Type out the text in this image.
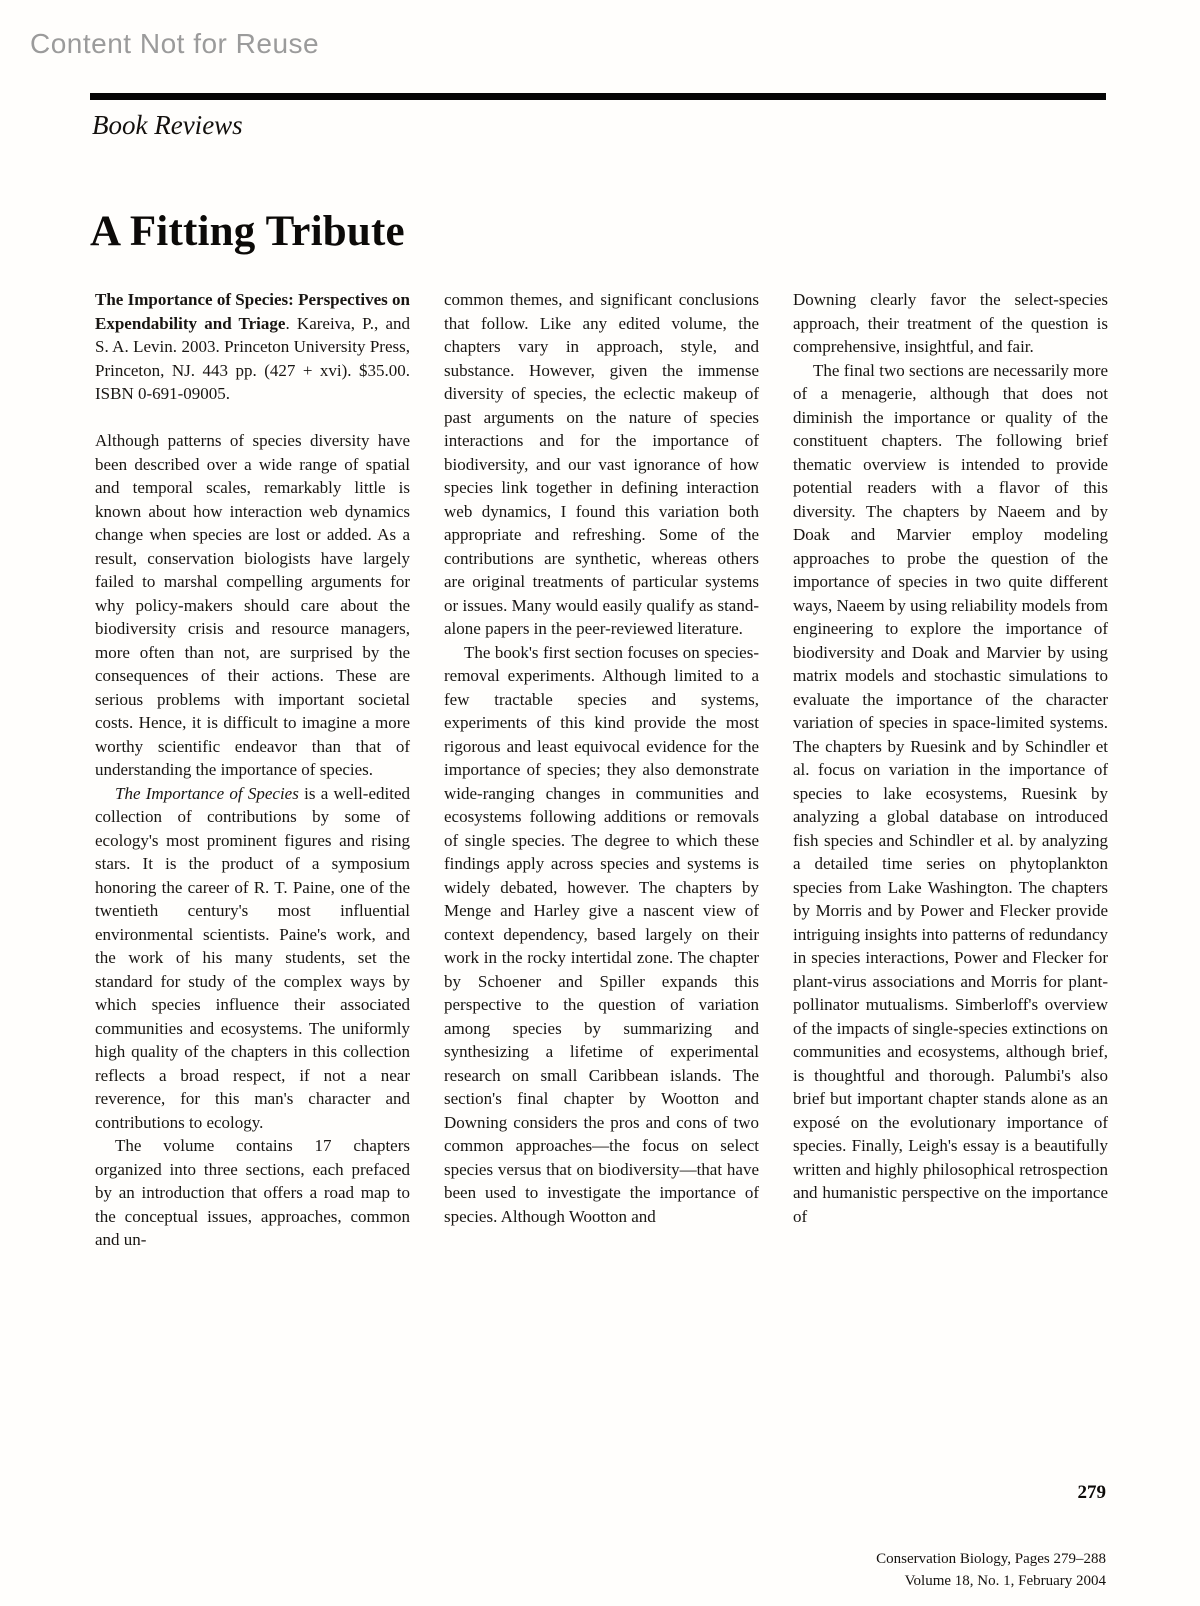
Content Not for Reuse
Book Reviews
A Fitting Tribute

The Importance of Species: Perspectives on Expendability and Triage. Kareiva, P., and S. A. Levin. 2003. Princeton University Press, Princeton, NJ. 443 pp. (427 + xvi). $35.00. ISBN 0-691-09005.

Although patterns of species diversity have been described over a wide range of spatial and temporal scales, remarkably little is known about how interaction web dynamics change when species are lost or added. As a result, conservation biologists have largely failed to marshal compelling arguments for why policy-makers should care about the biodiversity crisis and resource managers, more often than not, are surprised by the consequences of their actions. These are serious problems with important societal costs. Hence, it is difficult to imagine a more worthy scientific endeavor than that of understanding the importance of species.

The Importance of Species is a well-edited collection of contributions by some of ecology's most prominent figures and rising stars. It is the product of a symposium honoring the career of R. T. Paine, one of the twentieth century's most influential environmental scientists. Paine's work, and the work of his many students, set the standard for study of the complex ways by which species influence their associated communities and ecosystems. The uniformly high quality of the chapters in this collection reflects a broad respect, if not a near reverence, for this man's character and contributions to ecology.

The volume contains 17 chapters organized into three sections, each prefaced by an introduction that offers a road map to the conceptual issues, approaches, common and un-

common themes, and significant conclusions that follow. Like any edited volume, the chapters vary in approach, style, and substance. However, given the immense diversity of species, the eclectic makeup of past arguments on the nature of species interactions and for the importance of biodiversity, and our vast ignorance of how species link together in defining interaction web dynamics, I found this variation both appropriate and refreshing. Some of the contributions are synthetic, whereas others are original treatments of particular systems or issues. Many would easily qualify as stand-alone papers in the peer-reviewed literature.

The book's first section focuses on species-removal experiments. Although limited to a few tractable species and systems, experiments of this kind provide the most rigorous and least equivocal evidence for the importance of species; they also demonstrate wide-ranging changes in communities and ecosystems following additions or removals of single species. The degree to which these findings apply across species and systems is widely debated, however. The chapters by Menge and Harley give a nascent view of context dependency, based largely on their work in the rocky intertidal zone. The chapter by Schoener and Spiller expands this perspective to the question of variation among species by summarizing and synthesizing a lifetime of experimental research on small Caribbean islands. The section's final chapter by Wootton and Downing considers the pros and cons of two common approaches—the focus on select species versus that on biodiversity—that have been used to investigate the importance of species. Although Wootton and

Downing clearly favor the select-species approach, their treatment of the question is comprehensive, insightful, and fair.

The final two sections are necessarily more of a menagerie, although that does not diminish the importance or quality of the constituent chapters. The following brief thematic overview is intended to provide potential readers with a flavor of this diversity. The chapters by Naeem and by Doak and Marvier employ modeling approaches to probe the question of the importance of species in two quite different ways, Naeem by using reliability models from engineering to explore the importance of biodiversity and Doak and Marvier by using matrix models and stochastic simulations to evaluate the importance of the character variation of species in space-limited systems. The chapters by Ruesink and by Schindler et al. focus on variation in the importance of species to lake ecosystems, Ruesink by analyzing a global database on introduced fish species and Schindler et al. by analyzing a detailed time series on phytoplankton species from Lake Washington. The chapters by Morris and by Power and Flecker provide intriguing insights into patterns of redundancy in species interactions, Power and Flecker for plant-virus associations and Morris for plant-pollinator mutualisms. Simberloff's overview of the impacts of single-species extinctions on communities and ecosystems, although brief, is thoughtful and thorough. Palumbi's also brief but important chapter stands alone as an exposé on the evolutionary importance of species. Finally, Leigh's essay is a beautifully written and highly philosophical retrospection and humanistic perspective on the importance of

279
Conservation Biology, Pages 279–288
Volume 18, No. 1, February 2004
